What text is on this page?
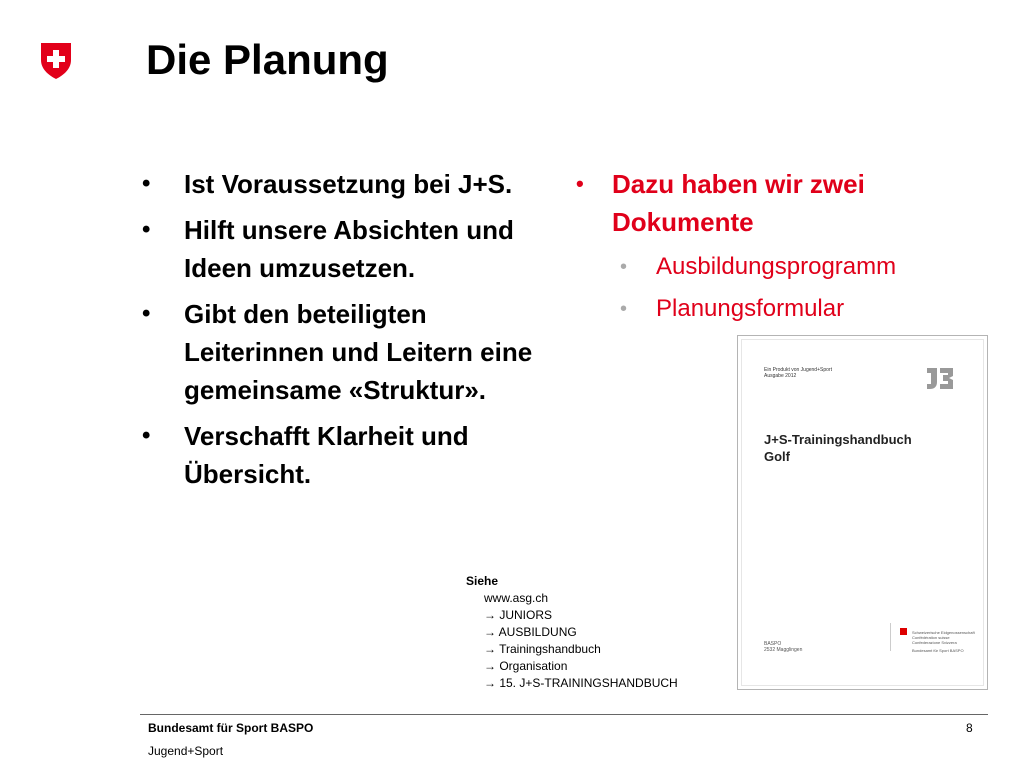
Die Planung
• Ist Voraussetzung bei J+S.
• Hilft unsere Absichten und Ideen umzusetzen.
• Gibt den beteiligten Leiterinnen und Leitern eine gemeinsame «Struktur».
• Verschafft Klarheit und Übersicht.
• Dazu haben wir zwei Dokumente
• Ausbildungsprogramm
• Planungsformular
Ein Produkt von Jugend+Sport
Ausgabe 2012
J+S-Trainingshandbuch
Golf
BASPO
2532 Magglingen
Schweizerische Eidgenossenschaft
Confédération suisse
Confederazione Svizzera
Bundesamt für Sport BASPO
Siehe
www.asg.ch
→ JUNIORS
→ AUSBILDUNG
→ Trainingshandbuch
→ Organisation
→ 15. J+S-TRAININGSHANDBUCH
Bundesamt für Sport BASPO	8
Jugend+Sport
